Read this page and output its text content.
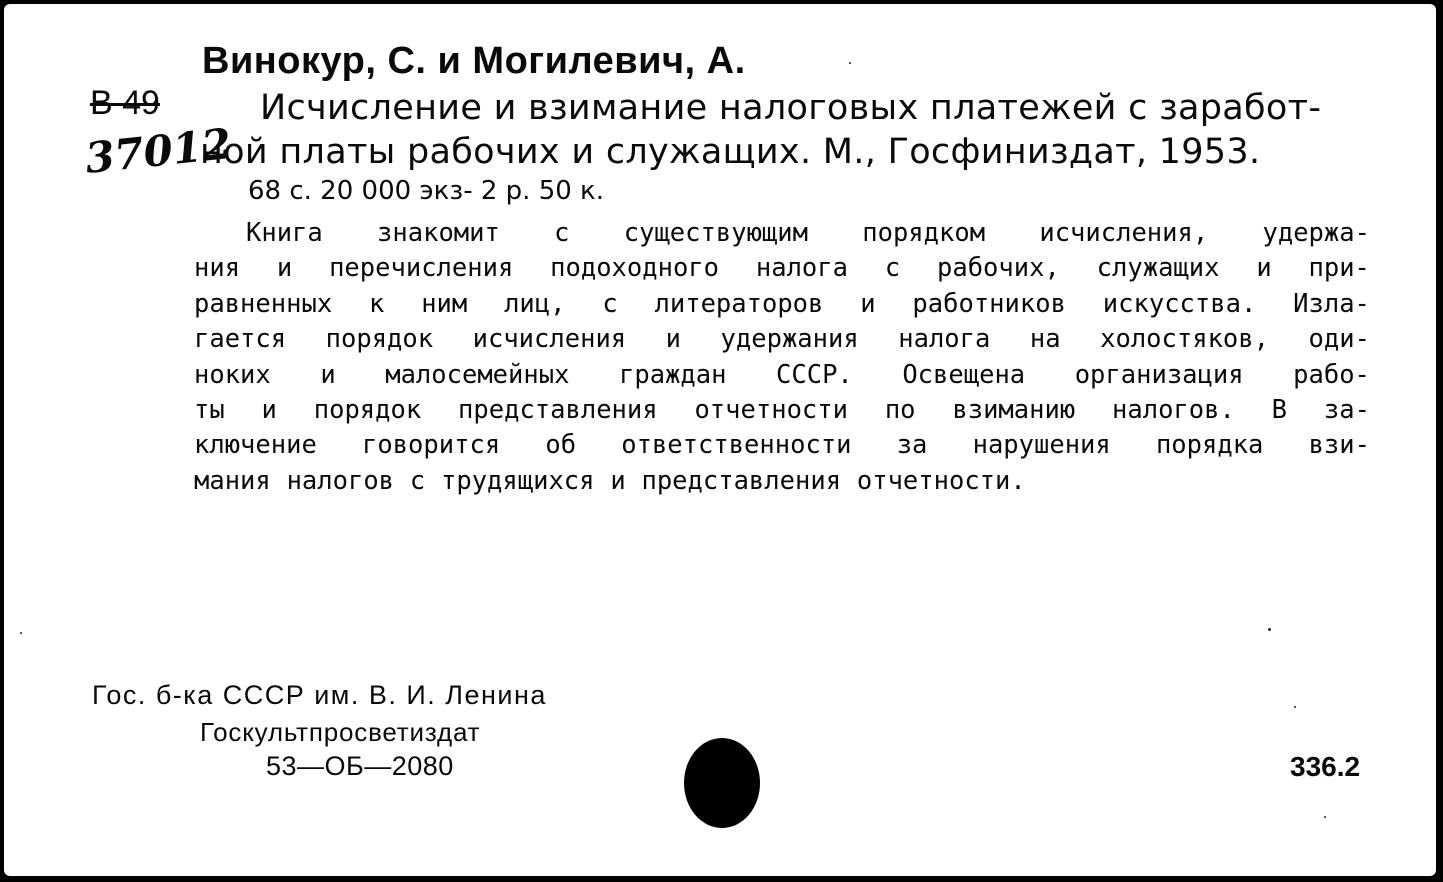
Винокур, С. и Могилевич, А.
В 49	Исчисление и взимание налоговых платежей с заработ-
ной платы рабочих и служащих. М., Госфиниздат, 1953.
37012
68 с. 20 000 экз- 2 р. 50 к.
Книга знакомит с существующим порядком исчисления, удержа-
ния и перечисления подоходного налога с рабочих, служащих и при-
равненных к ним лиц, с литераторов и работников искусства. Изла-
гается порядок исчисления и удержания налога на холостяков, оди-
ноких и малосемейных граждан СССР. Освещена организация рабо-
ты и порядок представления отчетности по взиманию налогов. В за-
ключение говорится об ответственности за нарушения порядка взи-
мания налогов с трудящихся и представления отчетности.
Гос. б-ка СССР им. В. И. Ленина
Госкультпросветиздат
53—ОБ—2080	336.2
